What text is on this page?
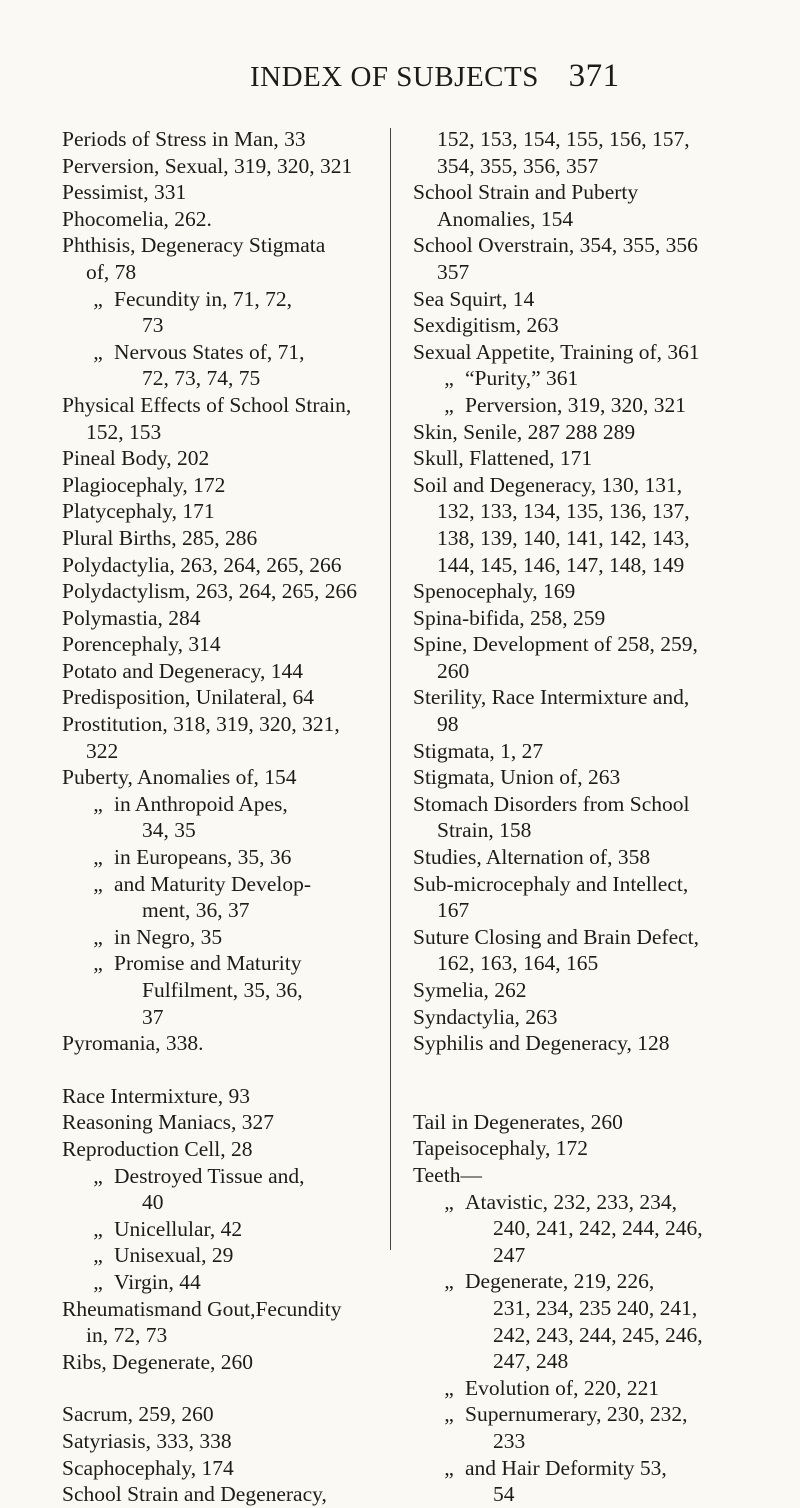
INDEX OF SUBJECTS 371
Periods of Stress in Man, 33
Perversion, Sexual, 319, 320, 321
Pessimist, 331
Phocomelia, 262.
Phthisis, Degeneracy Stigmata
of, 78
„ Fecundity in, 71, 72,
73
„ Nervous States of, 71,
72, 73, 74, 75
Physical Effects of School Strain,
152, 153
Pineal Body, 202
Plagiocephaly, 172
Platycephaly, 171
Plural Births, 285, 286
Polydactylia, 263, 264, 265, 266
Polydactylism, 263, 264, 265, 266
Polymastia, 284
Porencephaly, 314
Potato and Degeneracy, 144
Predisposition, Unilateral, 64
Prostitution, 318, 319, 320, 321,
322
Puberty, Anomalies of, 154
„ in Anthropoid Apes,
34, 35
„ in Europeans, 35, 36
„ and Maturity Develop-
ment, 36, 37
„ in Negro, 35
„ Promise and Maturity
Fulfilment, 35, 36,
37
Pyromania, 338.
Race Intermixture, 93
Reasoning Maniacs, 327
Reproduction Cell, 28
„ Destroyed Tissue and,
40
„ Unicellular, 42
„ Unisexual, 29
„ Virgin, 44
Rheumatismand Gout,Fecundity
in, 72, 73
Ribs, Degenerate, 260
Sacrum, 259, 260
Satyriasis, 333, 338
Scaphocephaly, 174
School Strain and Degeneracy,
152, 153, 154, 155, 156, 157,
354, 355, 356, 357
School Strain and Puberty
Anomalies, 154
School Overstrain, 354, 355, 356
357
Sea Squirt, 14
Sexdigitism, 263
Sexual Appetite, Training of, 361
„ “Purity,” 361
„ Perversion, 319, 320, 321
Skin, Senile, 287 288 289
Skull, Flattened, 171
Soil and Degeneracy, 130, 131,
132, 133, 134, 135, 136, 137,
138, 139, 140, 141, 142, 143,
144, 145, 146, 147, 148, 149
Spenocephaly, 169
Spina-bifida, 258, 259
Spine, Development of 258, 259,
260
Sterility, Race Intermixture and,
98
Stigmata, 1, 27
Stigmata, Union of, 263
Stomach Disorders from School
Strain, 158
Studies, Alternation of, 358
Sub-microcephaly and Intellect,
167
Suture Closing and Brain Defect,
162, 163, 164, 165
Symelia, 262
Syndactylia, 263
Syphilis and Degeneracy, 128
Tail in Degenerates, 260
Tapeisocephaly, 172
Teeth—
„ Atavistic, 232, 233, 234,
240, 241, 242, 244, 246,
247
„ Degenerate, 219, 226,
231, 234, 235 240, 241,
242, 243, 244, 245, 246,
247, 248
„ Evolution of, 220, 221
„ Supernumerary, 230, 232,
233
„ and Hair Deformity 53,
54
